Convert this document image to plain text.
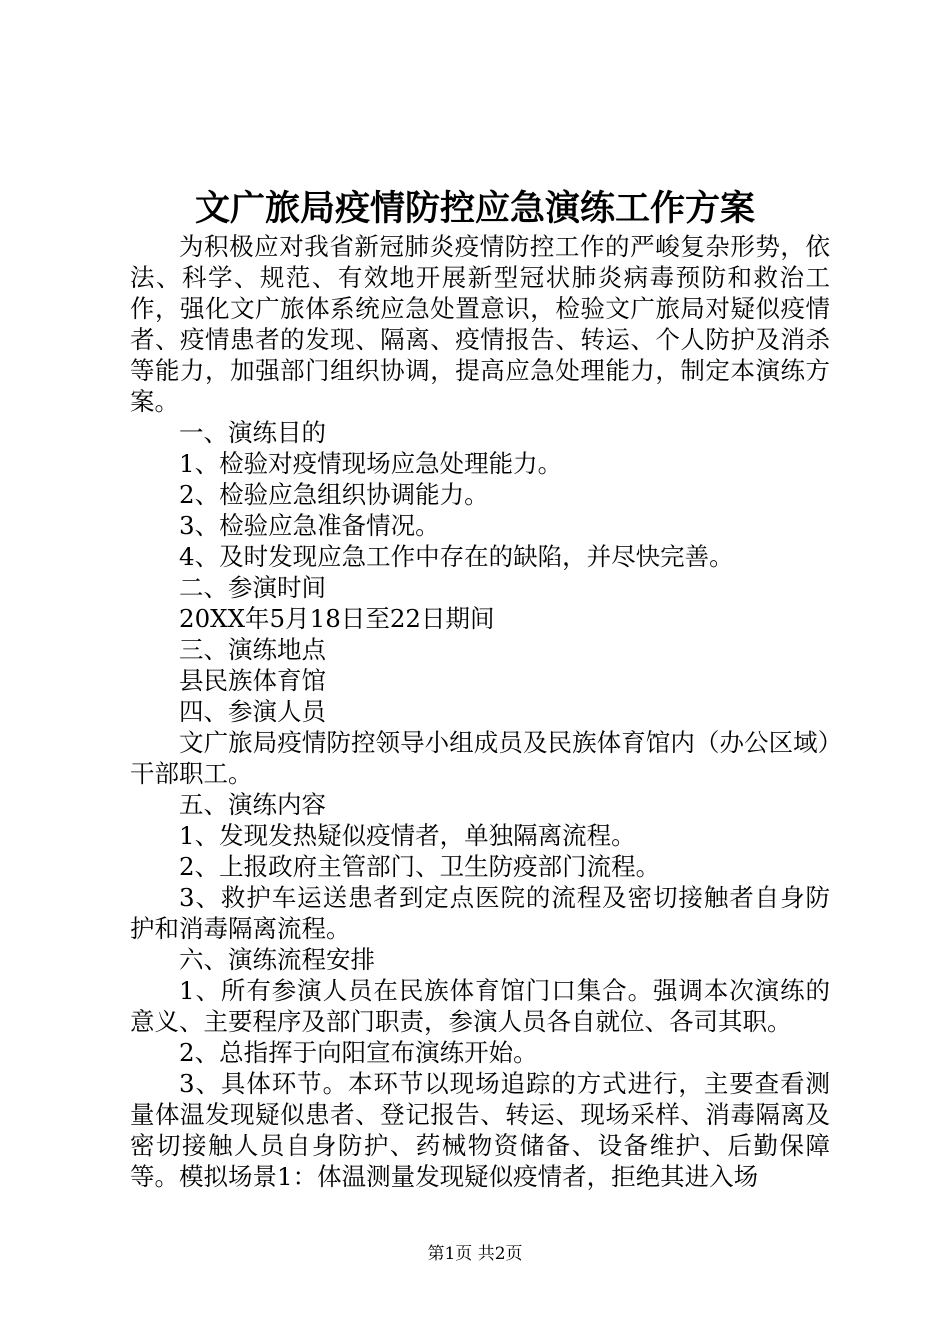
文广旅局疫情防控应急演练工作方案

为积极应对我省新冠肺炎疫情防控工作的严峻复杂形势，依法、科学、规范、有效地开展新型冠状肺炎病毒预防和救治工作，强化文广旅体系统应急处置意识，检验文广旅局对疑似疫情者、疫情患者的发现、隔离、疫情报告、转运、个人防护及消杀等能力，加强部门组织协调，提高应急处理能力，制定本演练方案。

一、演练目的

1、检验对疫情现场应急处理能力。

2、检验应急组织协调能力。

3、检验应急准备情况。

4、及时发现应急工作中存在的缺陷，并尽快完善。

二、参演时间

20XX年5月18日至22日期间

三、演练地点

县民族体育馆

四、参演人员

文广旅局疫情防控领导小组成员及民族体育馆内（办公区域）干部职工。

五、演练内容

1、发现发热疑似疫情者，单独隔离流程。

2、上报政府主管部门、卫生防疫部门流程。

3、救护车运送患者到定点医院的流程及密切接触者自身防护和消毒隔离流程。

六、演练流程安排

1、所有参演人员在民族体育馆门口集合。强调本次演练的意义、主要程序及部门职责，参演人员各自就位、各司其职。

2、总指挥于向阳宣布演练开始。

3、具体环节。本环节以现场追踪的方式进行，主要查看测量体温发现疑似患者、登记报告、转运、现场采样、消毒隔离及密切接触人员自身防护、药械物资储备、设备维护、后勤保障等。模拟场景1：体温测量发现疑似疫情者，拒绝其进入场

第1页 共2页
